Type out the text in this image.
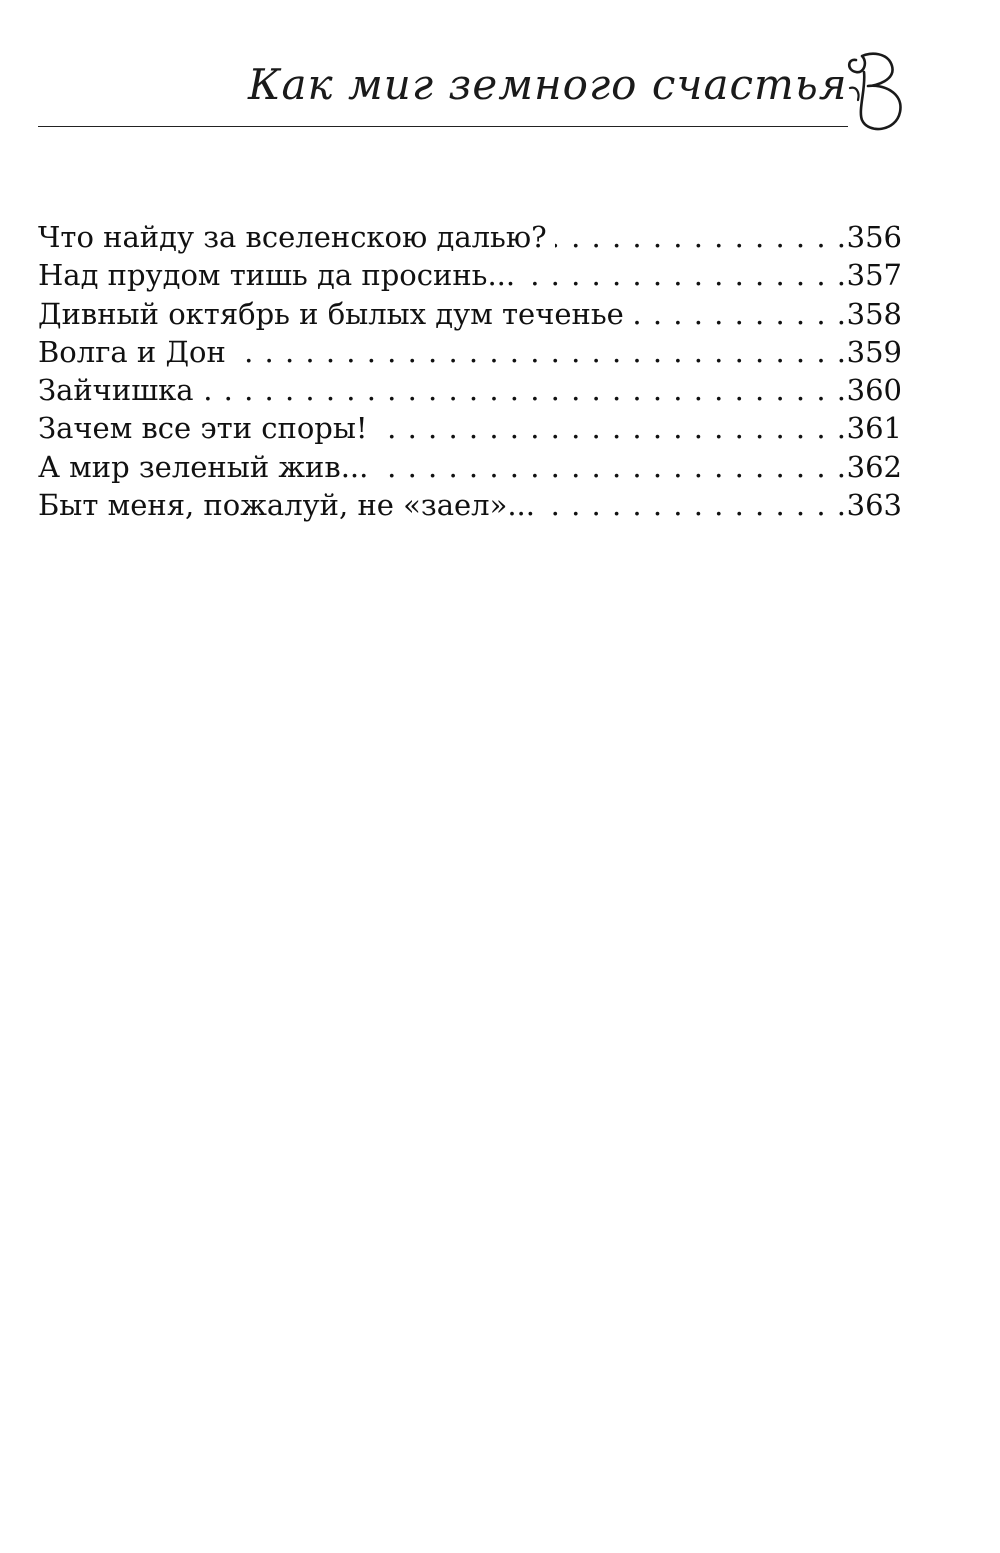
Как миг земного счастья
Что найду за вселенскою далью? . . .	356
Над прудом тишь да просинь... . . .	357
Дивный октябрь и былых дум теченье . . .	358
Волга и Дон . . .	359
Зайчишка . . .	360
Зачем все эти споры! . . .	361
А мир зеленый жив... . . .	362
Быт меня, пожалуй, не «заел»... . . .	363
